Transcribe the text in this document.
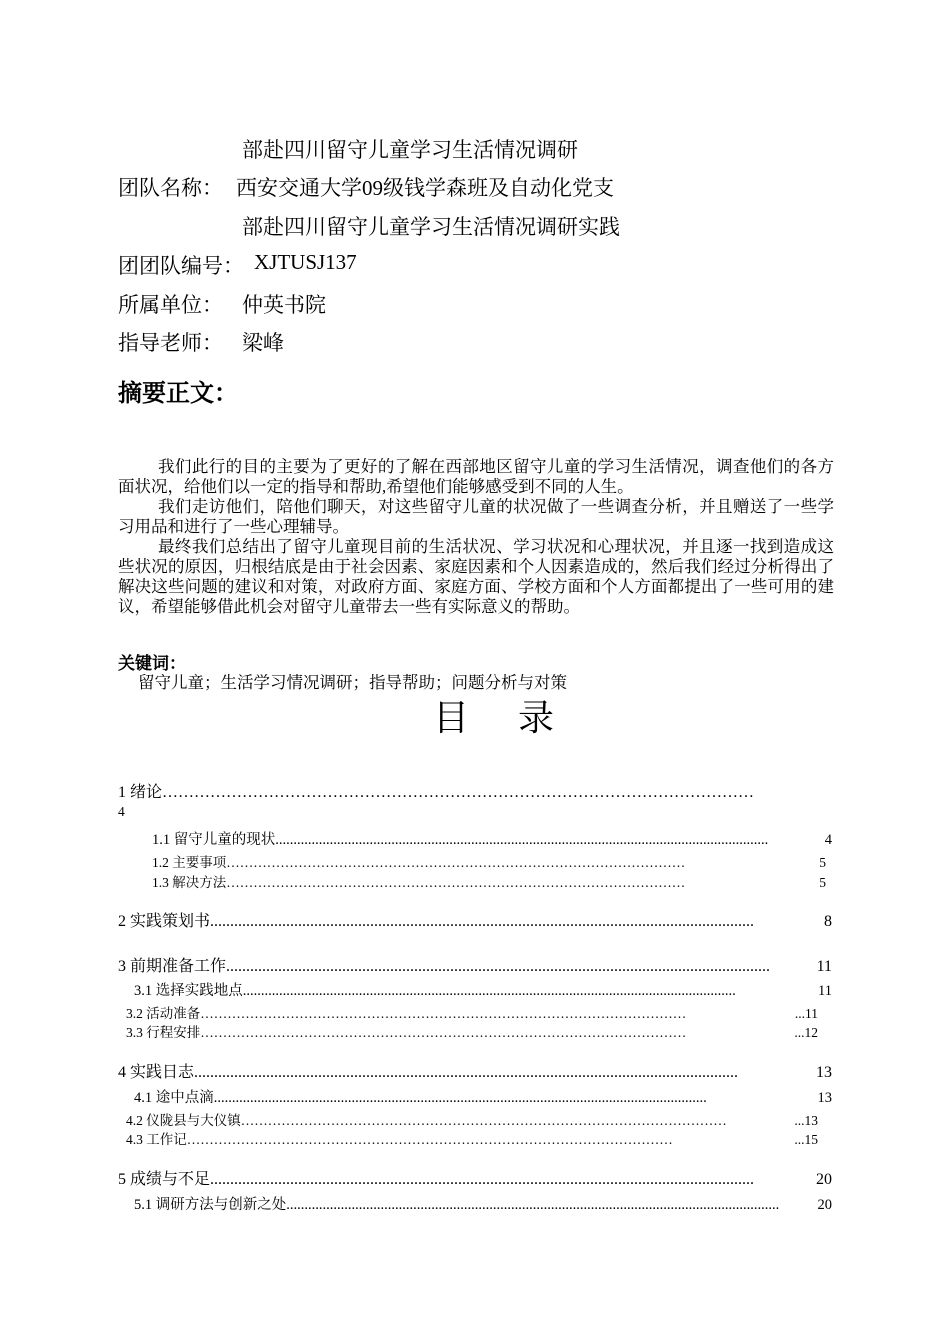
部赴四川留守儿童学习生活情况调研
团队名称： 西安交通大学09级钱学森班及自动化党支
部赴四川留守儿童学习生活情况调研实践
团团队编号： XJTUSJ137
所属单位： 仲英书院
指导老师： 梁峰
摘要正文：
我们此行的目的主要为了更好的了解在西部地区留守儿童的学习生活情况，调查他们的各方面状况，给他们以一定的指导和帮助,希望他们能够感受到不同的人生。
我们走访他们，陪他们聊天，对这些留守儿童的状况做了一些调查分析，并且赠送了一些学习用品和进行了一些心理辅导。
最终我们总结出了留守儿童现目前的生活状况、学习状况和心理状况，并且逐一找到造成这些状况的原因，归根结底是由于社会因素、家庭因素和个人因素造成的，然后我们经过分析得出了解决这些问题的建议和对策，对政府方面、家庭方面、学校方面和个人方面都提出了一些可用的建议，希望能够借此机会对留守儿童带去一些有实际意义的帮助。
关键词：
留守儿童；生活学习情况调研；指导帮助；问题分析与对策
目 录
1 绪论 …………………………………………………………………………………………………
4
1.1 留守儿童的现状 ........................................................................................................................................	4
1.2 主要事项 …………………………………………………………………………………………	5
1.3 解决方法 …………………………………………………………………………………………	5
2 实践策划书 ........................................................................................................................................	8
3 前期准备工作 ........................................................................................................................................	11
3.1 选择实践地点 ........................................................................................................................................	11
3.2 活动准备 ………………………………………………………………………………………………	...11
3.3 行程安排 ………………………………………………………………………………………………	...12
4 实践日志 ........................................................................................................................................	13
4.1 途中点滴 ........................................................................................................................................	13
4.2 仪陇县与大仪镇 ………………………………………………………………………………………………	...13
4.3 工作记 ………………………………………………………………………………………………	...15
5 成绩与不足 ........................................................................................................................................	20
5.1 调研方法与创新之处 ........................................................................................................................................	20
